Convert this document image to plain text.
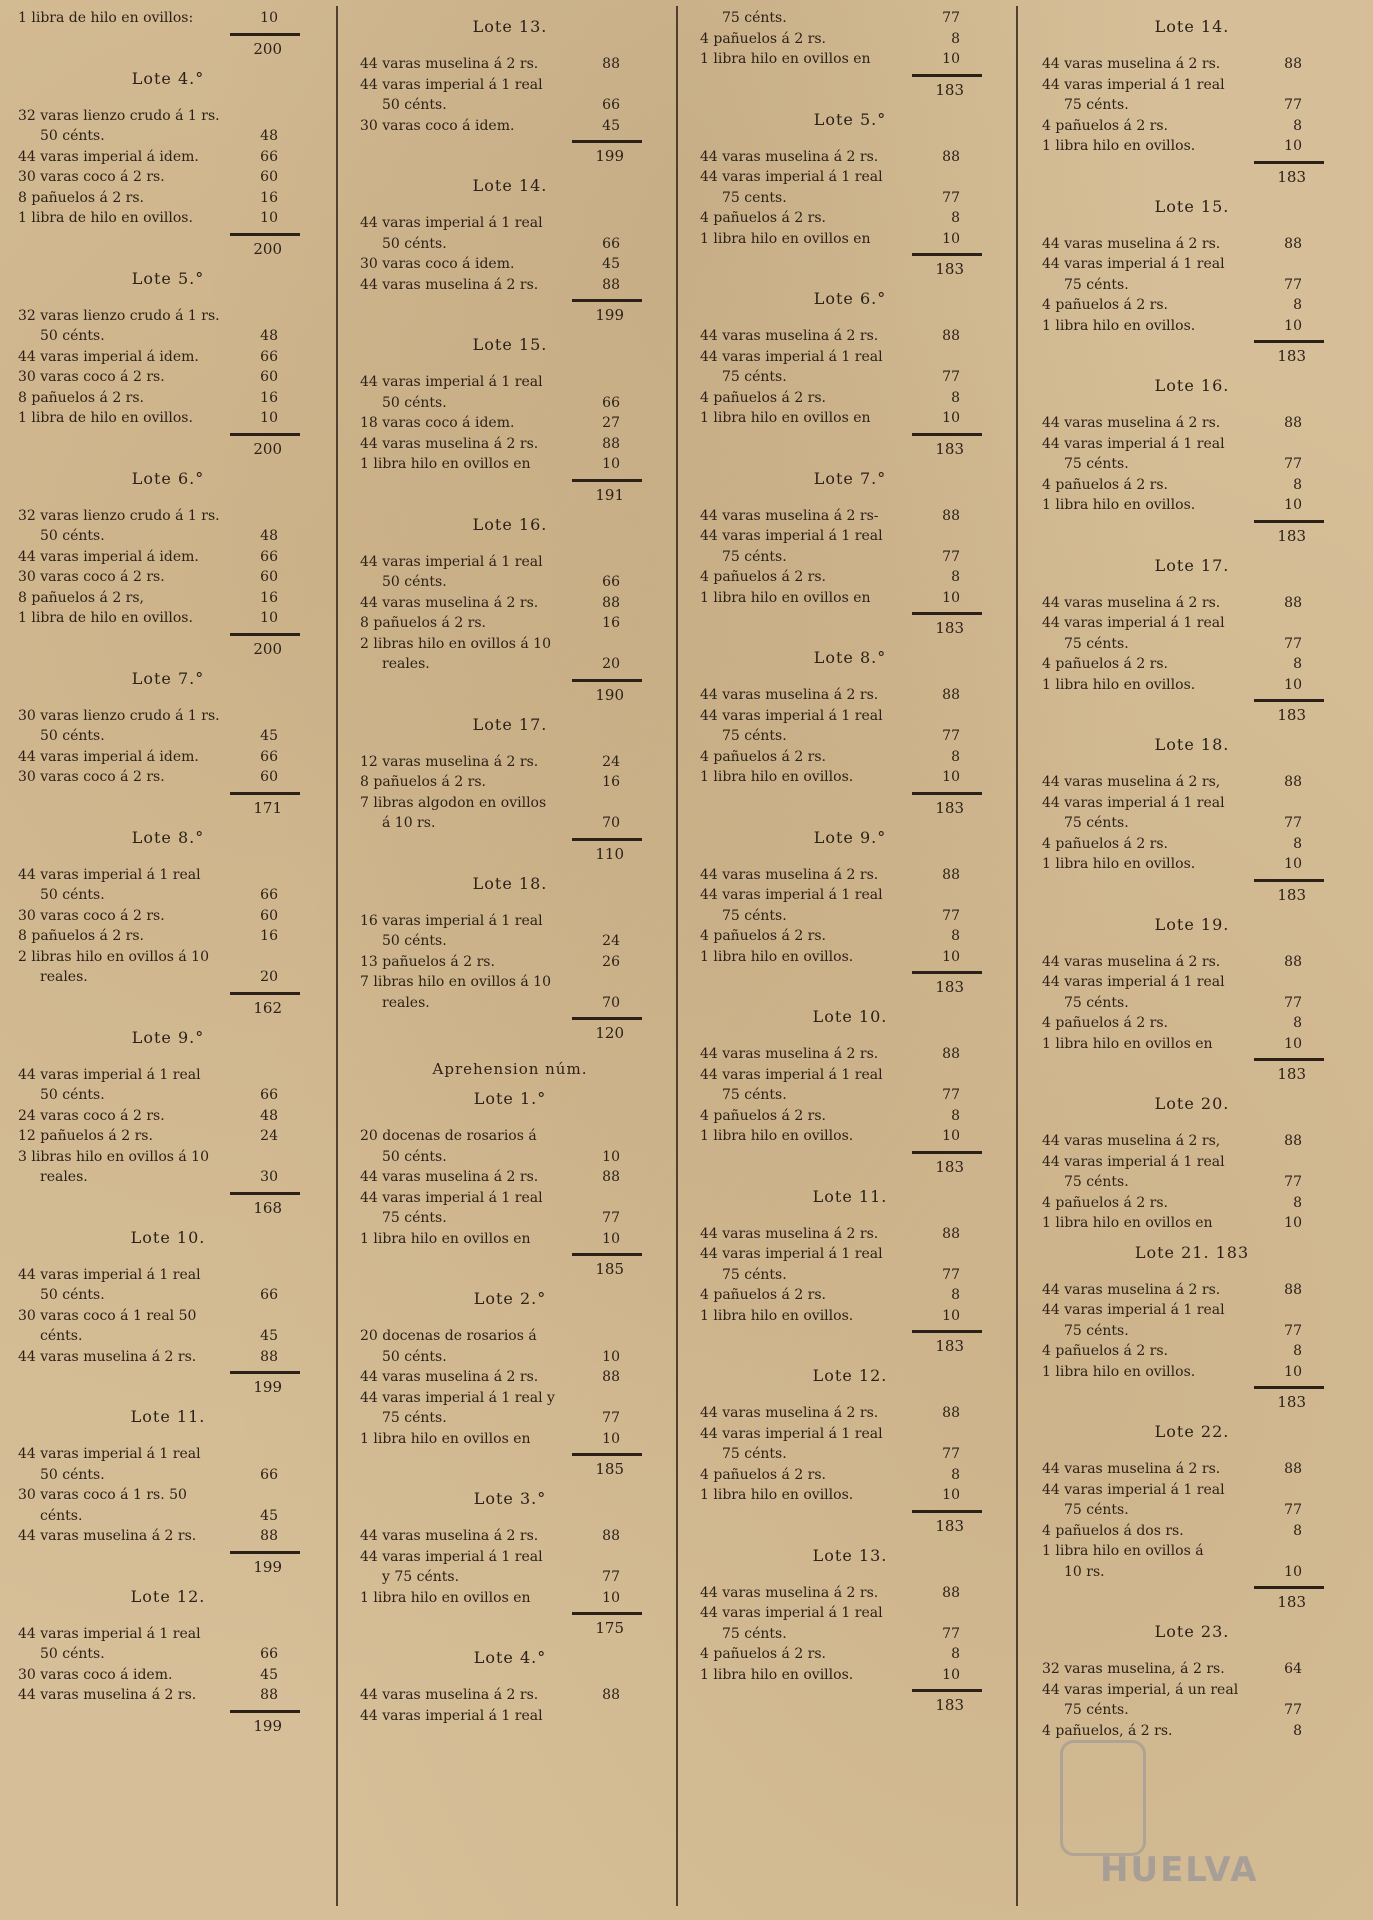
1 libra de hilo en ovillos:	10
200
Lote 4.°
32 varas lienzo crudo á 1 rs.
50 cénts.	48
44 varas imperial á idem.	66
30 varas coco á 2 rs.	60
8 pañuelos á 2 rs.	16
1 libra de hilo en ovillos.	10
200
Lote 5.°
32 varas lienzo crudo á 1 rs.
50 cénts.	48
44 varas imperial á idem.	66
30 varas coco á 2 rs.	60
8 pañuelos á 2 rs.	16
1 libra de hilo en ovillos.	10
200
Lote 6.°
32 varas lienzo crudo á 1 rs.
50 cénts.	48
44 varas imperial á idem.	66
30 varas coco á 2 rs.	60
8 pañuelos á 2 rs,	16
1 libra de hilo en ovillos.	10
200
Lote 7.°
30 varas lienzo crudo á 1 rs.
50 cénts.	45
44 varas imperial á idem.	66
30 varas coco á 2 rs.	60
171
Lote 8.°
44 varas imperial á 1 real
50 cénts.	66
30 varas coco á 2 rs.	60
8 pañuelos á 2 rs.	16
2 libras hilo en ovillos á 10
reales.	20
162
Lote 9.°
44 varas imperial á 1 real
50 cénts.	66
24 varas coco á 2 rs.	48
12 pañuelos á 2 rs.	24
3 libras hilo en ovillos á 10
reales.	30
168
Lote 10.
44 varas imperial á 1 real
50 cénts.	66
30 varas coco á 1 real 50
cénts.	45
44 varas muselina á 2 rs.	88
199
Lote 11.
44 varas imperial á 1 real
50 cénts.	66
30 varas coco á 1 rs. 50
cénts.	45
44 varas muselina á 2 rs.	88
199
Lote 12.
44 varas imperial á 1 real
50 cénts.	66
30 varas coco á idem.	45
44 varas muselina á 2 rs.	88
199
Lote 13.
44 varas muselina á 2 rs.	88
44 varas imperial á 1 real
50 cénts.	66
30 varas coco á idem.	45
199
Lote 14.
44 varas imperial á 1 real
50 cénts.	66
30 varas coco á idem.	45
44 varas muselina á 2 rs.	88
199
Lote 15.
44 varas imperial á 1 real
50 cénts.	66
18 varas coco á idem.	27
44 varas muselina á 2 rs.	88
1 libra hilo en ovillos en	10
191
Lote 16.
44 varas imperial á 1 real
50 cénts.	66
44 varas muselina á 2 rs.	88
8 pañuelos á 2 rs.	16
2 libras hilo en ovillos á 10
reales.	20
190
Lote 17.
12 varas muselina á 2 rs.	24
8 pañuelos á 2 rs.	16
7 libras algodon en ovillos
á 10 rs.	70
110
Lote 18.
16 varas imperial á 1 real
50 cénts.	24
13 pañuelos á 2 rs.	26
7 libras hilo en ovillos á 10
reales.	70
120
Aprehension núm.
Lote 1.°
20 docenas de rosarios á
50 cénts.	10
44 varas muselina á 2 rs.	88
44 varas imperial á 1 real
75 cénts.	77
1 libra hilo en ovillos en	10
185
Lote 2.°
20 docenas de rosarios á
50 cénts.	10
44 varas muselina á 2 rs.	88
44 varas imperial á 1 real y
75 cénts.	77
1 libra hilo en ovillos en	10
185
Lote 3.°
44 varas muselina á 2 rs.	88
44 varas imperial á 1 real
y 75 cénts.	77
1 libra hilo en ovillos en	10
175
Lote 4.°
44 varas muselina á 2 rs.	88
44 varas imperial á 1 real
75 cénts.	77
4 pañuelos á 2 rs.	8
1 libra hilo en ovillos en	10
183
Lote 5.°
44 varas muselina á 2 rs.	88
44 varas imperial á 1 real
75 cents.	77
4 pañuelos á 2 rs.	8
1 libra hilo en ovillos en	10
183
Lote 6.°
44 varas muselina á 2 rs.	88
44 varas imperial á 1 real
75 cénts.	77
4 pañuelos á 2 rs.	8
1 libra hilo en ovillos en	10
183
Lote 7.°
44 varas muselina á 2 rs-	88
44 varas imperial á 1 real
75 cénts.	77
4 pañuelos á 2 rs.	8
1 libra hilo en ovillos en	10
183
Lote 8.°
44 varas muselina á 2 rs.	88
44 varas imperial á 1 real
75 cénts.	77
4 pañuelos á 2 rs.	8
1 libra hilo en ovillos.	10
183
Lote 9.°
44 varas muselina á 2 rs.	88
44 varas imperial á 1 real
75 cénts.	77
4 pañuelos á 2 rs.	8
1 libra hilo en ovillos.	10
183
Lote 10.
44 varas muselina á 2 rs.	88
44 varas imperial á 1 real
75 cénts.	77
4 pañuelos á 2 rs.	8
1 libra hilo en ovillos.	10
183
Lote 11.
44 varas muselina á 2 rs.	88
44 varas imperial á 1 real
75 cénts.	77
4 pañuelos á 2 rs.	8
1 libra hilo en ovillos.	10
183
Lote 12.
44 varas muselina á 2 rs.	88
44 varas imperial á 1 real
75 cénts.	77
4 pañuelos á 2 rs.	8
1 libra hilo en ovillos.	10
183
Lote 13.
44 varas muselina á 2 rs.	88
44 varas imperial á 1 real
75 cénts.	77
4 pañuelos á 2 rs.	8
1 libra hilo en ovillos.	10
183
Lote 14.
44 varas muselina á 2 rs.	88
44 varas imperial á 1 real
75 cénts.	77
4 pañuelos á 2 rs.	8
1 libra hilo en ovillos.	10
183
Lote 15.
44 varas muselina á 2 rs.	88
44 varas imperial á 1 real
75 cénts.	77
4 pañuelos á 2 rs.	8
1 libra hilo en ovillos.	10
183
Lote 16.
44 varas muselina á 2 rs.	88
44 varas imperial á 1 real
75 cénts.	77
4 pañuelos á 2 rs.	8
1 libra hilo en ovillos.	10
183
Lote 17.
44 varas muselina á 2 rs.	88
44 varas imperial á 1 real
75 cénts.	77
4 pañuelos á 2 rs.	8
1 libra hilo en ovillos.	10
183
Lote 18.
44 varas muselina á 2 rs,	88
44 varas imperial á 1 real
75 cénts.	77
4 pañuelos á 2 rs.	8
1 libra hilo en ovillos.	10
183
Lote 19.
44 varas muselina á 2 rs.	88
44 varas imperial á 1 real
75 cénts.	77
4 pañuelos á 2 rs.	8
1 libra hilo en ovillos en	10
183
Lote 20.
44 varas muselina á 2 rs,	88
44 varas imperial á 1 real
75 cénts.	77
4 pañuelos á 2 rs.	8
1 libra hilo en ovillos en	10
Lote 21. 183
44 varas muselina á 2 rs.	88
44 varas imperial á 1 real
75 cénts.	77
4 pañuelos á 2 rs.	8
1 libra hilo en ovillos.	10
183
Lote 22.
44 varas muselina á 2 rs.	88
44 varas imperial á 1 real
75 cénts.	77
4 pañuelos á dos rs.	8
1 libra hilo en ovillos á
10 rs.	10
183
Lote 23.
32 varas muselina, á 2 rs.	64
44 varas imperial, á un real
75 cénts.	77
4 pañuelos, á 2 rs.	8
HUELVA
